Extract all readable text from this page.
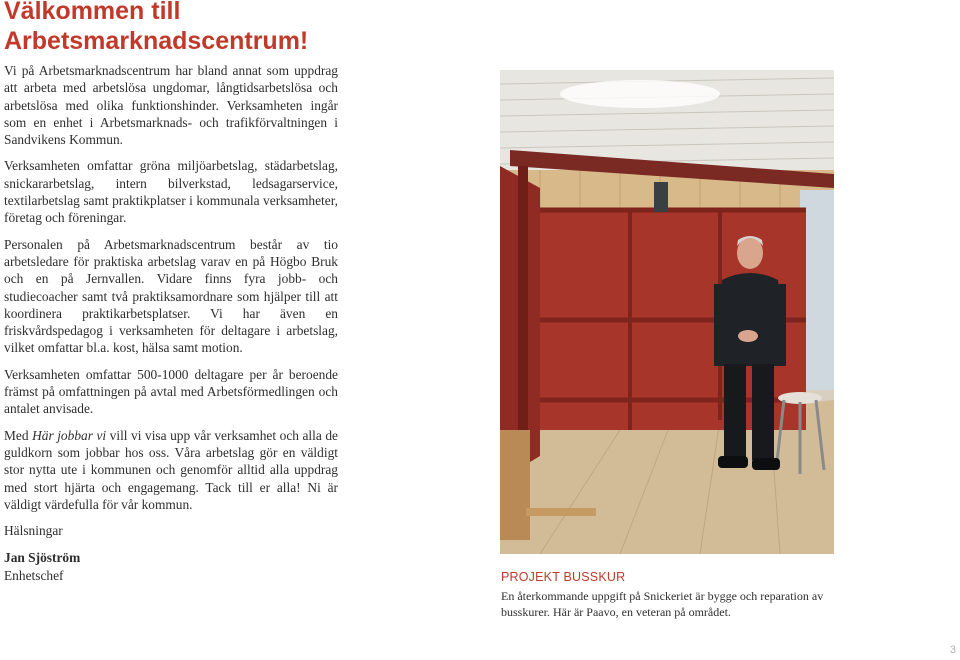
Välkommen till
Arbetsmarknadscentrum!

Vi på Arbetsmarknadscentrum har bland annat som uppdrag att arbeta med arbetslösa ungdomar, långtidsarbetslösa och arbetslösa med olika funktionshinder. Verksamheten ingår som en enhet i Arbetsmarknads- och trafikförvaltningen i Sandvikens Kommun.

Verksamheten omfattar gröna miljöarbetslag, städarbetslag, snickararbetslag, intern bilverkstad, ledsagarservice, textilarbetslag samt praktikplatser i kommunala verksamheter, företag och föreningar.

Personalen på Arbetsmarknadscentrum består av tio arbetsledare för praktiska arbetslag varav en på Högbo Bruk och en på Jernvallen. Vidare finns fyra jobb- och studiecoacher samt två praktiksamordnare som hjälper till att koordinera praktikarbetsplatser. Vi har även en friskvårdspedagog i verksamheten för deltagare i arbetslag, vilket omfattar bl.a. kost, hälsa samt motion.

Verksamheten omfattar 500-1000 deltagare per år beroende främst på omfattningen på avtal med Arbetsförmedlingen och antalet anvisade.

Med Här jobbar vi vill vi visa upp vår verksamhet och alla de guldkorn som jobbar hos oss. Våra arbetslag gör en väldigt stor nytta ute i kommunen och genomför alltid alla uppdrag med stort hjärta och engagemang. Tack till er alla! Ni är väldigt värdefulla för vår kommun.

Hälsningar

Jan Sjöström
Enhetschef	PROJEKT BUSSKUR

En återkommande uppgift på Snickeriet är bygge och reparation av busskurer. Här är Paavo, en veteran på området.

3
